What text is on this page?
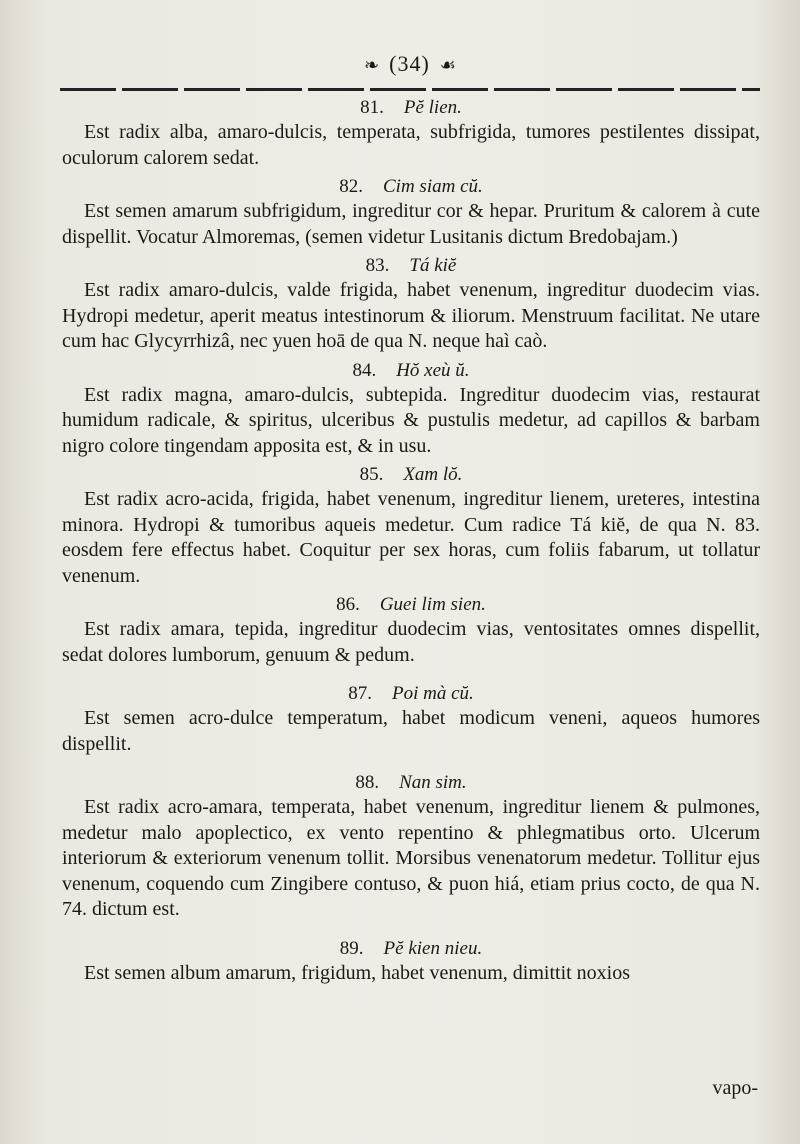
❧ (34) ☙
81. Pĕ lien.

Est radix alba, amaro-dulcis, temperata, subfrigida, tumores pestilentes dissipat, oculorum calorem sedat.

82. Cim siam cŭ.

Est semen amarum subfrigidum, ingreditur cor & hepar. Pruritum & calorem à cute dispellit. Vocatur Almoremas, (semen videtur Lusitanis dictum Bredobajam.)

83. Tá kiĕ

Est radix amaro-dulcis, valde frigida, habet venenum, ingreditur duodecim vias. Hydropi medetur, aperit meatus intestinorum & iliorum. Menstruum facilitat. Ne utare cum hac Glycyrrhizâ, nec yuen hoā de qua N. neque haì caò.

84. Hŏ xeù ŭ.

Est radix magna, amaro-dulcis, subtepida. Ingreditur duodecim vias, restaurat humidum radicale, & spiritus, ulceribus & pustulis medetur, ad capillos & barbam nigro colore tingendam apposita est, & in usu.

85. Xam lŏ.

Est radix acro-acida, frigida, habet venenum, ingreditur lienem, ureteres, intestina minora. Hydropi & tumoribus aqueis medetur. Cum radice Tá kiĕ, de qua N. 83. eosdem fere effectus habet. Coquitur per sex horas, cum foliis fabarum, ut tollatur venenum.

86. Guei lim sien.

Est radix amara, tepida, ingreditur duodecim vias, ventositates omnes dispellit, sedat dolores lumborum, genuum & pedum.

87. Poi mà cŭ.

Est semen acro-dulce temperatum, habet modicum veneni, aqueos humores dispellit.

88. Nan sim.

Est radix acro-amara, temperata, habet venenum, ingreditur lienem & pulmones, medetur malo apoplectico, ex vento repentino & phlegmatibus orto. Ulcerum interiorum & exteriorum venenum tollit. Morsibus venenatorum medetur. Tollitur ejus venenum, coquendo cum Zingibere contuso, & puon hiá, etiam prius cocto, de qua N. 74. dictum est.

89. Pĕ kien nieu.

Est semen album amarum, frigidum, habet venenum, dimittit noxios

vapo-
